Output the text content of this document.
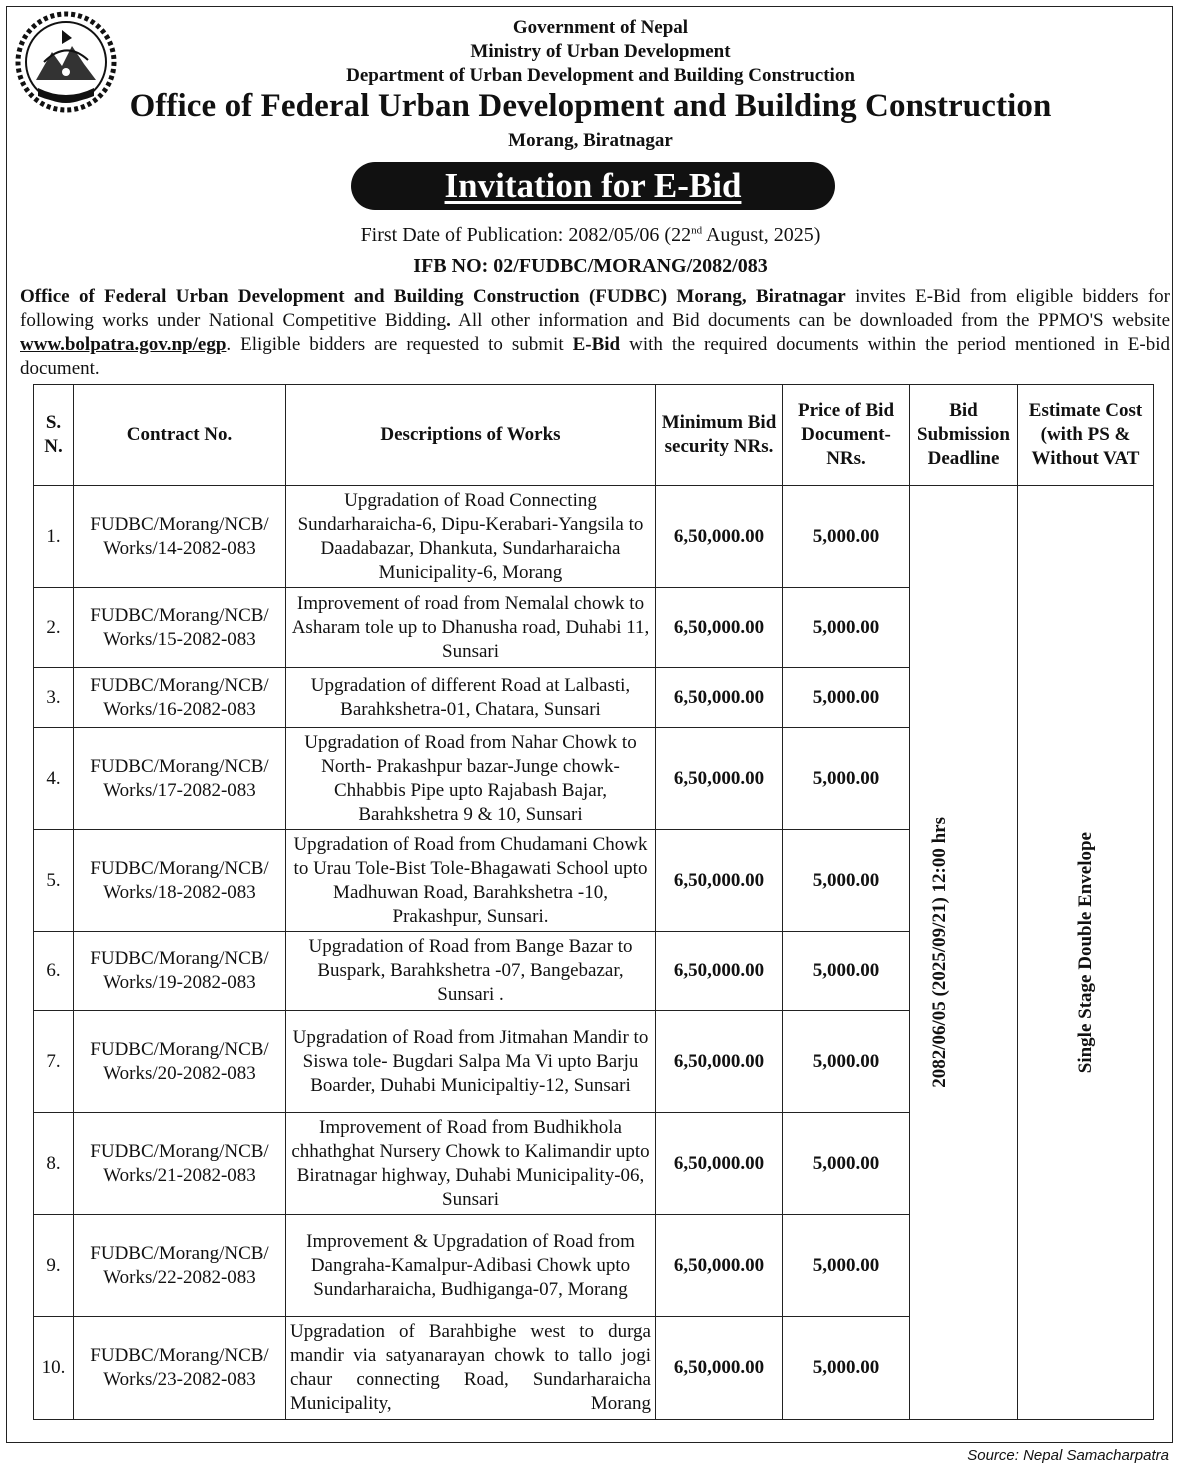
Government of Nepal
Ministry of Urban Development
Department of Urban Development and Building Construction
Office of Federal Urban Development and Building Construction
Morang, Biratnagar
Invitation for E-Bid
First Date of Publication: 2082/05/06 (22nd August, 2025)
IFB NO: 02/FUDBC/MORANG/2082/083
Office of Federal Urban Development and Building Construction (FUDBC) Morang, Biratnagar invites E-Bid from eligible bidders for following works under National Competitive Bidding. All other information and Bid documents can be downloaded from the PPMO'S website www.bolpatra.gov.np/egp. Eligible bidders are requested to submit E-Bid with the required documents within the period mentioned in E-bid document.
S. N.	Contract No.	Descriptions of Works	Minimum Bid security NRs.	Price of Bid Document- NRs.	Bid Submission Deadline	Estimate Cost (with PS & Without VAT
1.	FUDBC/Morang/NCB/
Works/14-2082-083	Upgradation of Road Connecting Sundarharaicha-6, Dipu-Kerabari-Yangsila to Daadabazar, Dhankuta, Sundarharaicha Municipality-6, Morang	6,50,000.00	5,000.00	2082/06/05 (2025/09/21) 12:00 hrs	Single Stage Double Envelope

2.	FUDBC/Morang/NCB/
Works/15-2082-083	Improvement of road from Nemalal chowk to Asharam tole up to Dhanusha road, Duhabi 11, Sunsari	6,50,000.00	5,000.00		
3.	FUDBC/Morang/NCB/
Works/16-2082-083	Upgradation of different Road at Lalbasti, Barahkshetra-01, Chatara, Sunsari	6,50,000.00	5,000.00		
4.	FUDBC/Morang/NCB/
Works/17-2082-083	Upgradation of Road from Nahar Chowk to North- Prakashpur bazar-Junge chowk-Chhabbis Pipe upto Rajabash Bajar, Barahkshetra 9 & 10, Sunsari	6,50,000.00	5,000.00		
5.	FUDBC/Morang/NCB/
Works/18-2082-083	Upgradation of Road from Chudamani Chowk to Urau Tole-Bist Tole-Bhagawati School upto Madhuwan Road, Barahkshetra -10, Prakashpur, Sunsari.	6,50,000.00	5,000.00		
6.	FUDBC/Morang/NCB/
Works/19-2082-083	Upgradation of Road from Bange Bazar to Buspark, Barahkshetra -07, Bangebazar, Sunsari .	6,50,000.00	5,000.00		
7.	FUDBC/Morang/NCB/
Works/20-2082-083	Upgradation of Road from Jitmahan Mandir to Siswa tole- Bugdari Salpa Ma Vi upto Barju Boarder, Duhabi Municipaltiy-12, Sunsari	6,50,000.00	5,000.00		
8.	FUDBC/Morang/NCB/
Works/21-2082-083	Improvement of Road from Budhikhola chhathghat Nursery Chowk to Kalimandir upto Biratnagar highway, Duhabi Municipality-06, Sunsari	6,50,000.00	5,000.00		
9.	FUDBC/Morang/NCB/
Works/22-2082-083	Improvement & Upgradation of Road from Dangraha-Kamalpur-Adibasi Chowk upto Sundarharaicha, Budhiganga-07, Morang	6,50,000.00	5,000.00		
10.	FUDBC/Morang/NCB/
Works/23-2082-083	Upgradation of Barahbighe west to durga mandir via satyanarayan chowk to tallo jogi chaur connecting Road, Sundarharaicha Municipality, Morang	6,50,000.00	5,000.00		
Source: Nepal Samacharpatra
